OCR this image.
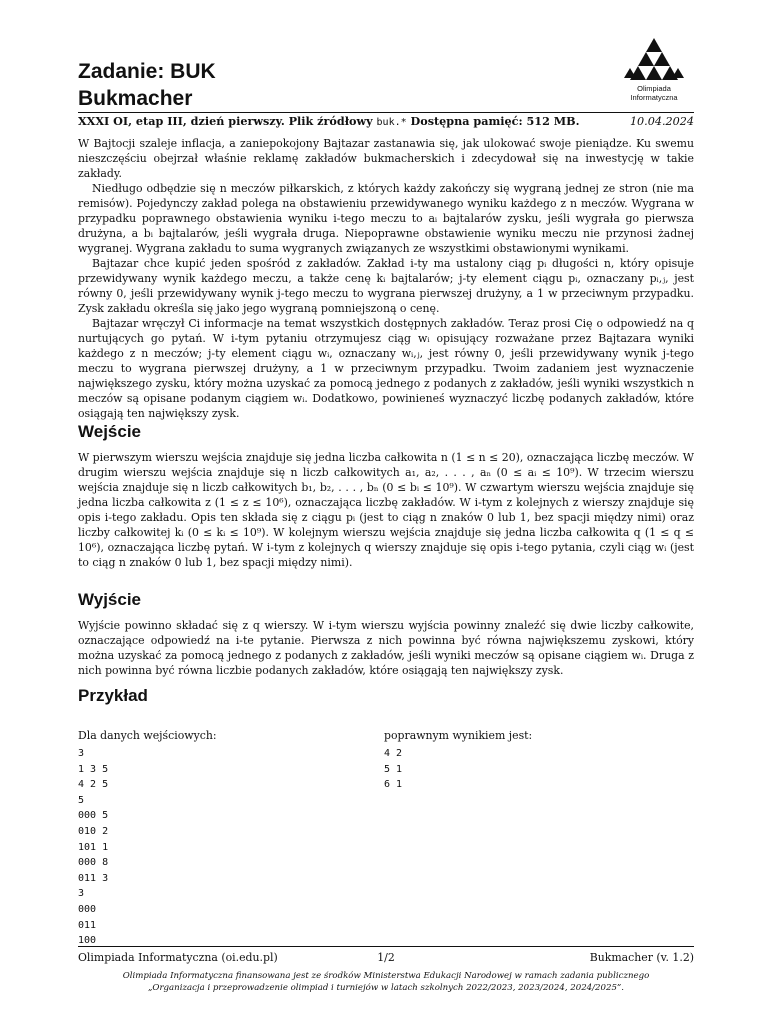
Zadanie: BUK
Bukmacher	Olimpiada
Informatyczna
XXXI OI, etap III, dzień pierwszy. Plik źródłowy buk.* Dostępna pamięć: 512 MB.	10.04.2024

W Bajtocji szaleje inflacja, a zaniepokojony Bajtazar zastanawia się, jak ulokować swoje pieniądze. Ku swemu nieszczęściu obejrzał właśnie reklamę zakładów bukmacherskich i zdecydował się na inwestycję w takie zakłady.

Niedługo odbędzie się n meczów piłkarskich, z których każdy zakończy się wygraną jednej ze stron (nie ma remisów). Pojedynczy zakład polega na obstawieniu przewidywanego wyniku każdego z n meczów. Wygrana w przypadku poprawnego obstawienia wyniku i-tego meczu to aᵢ bajtalarów zysku, jeśli wygrała go pierwsza drużyna, a bᵢ bajtalarów, jeśli wygrała druga. Niepoprawne obstawienie wyniku meczu nie przynosi żadnej wygranej. Wygrana zakładu to suma wygranych związanych ze wszystkimi obstawionymi wynikami.

Bajtazar chce kupić jeden spośród z zakładów. Zakład i-ty ma ustalony ciąg pᵢ długości n, który opisuje przewidywany wynik każdego meczu, a także cenę kᵢ bajtalarów; j-ty element ciągu pᵢ, oznaczany pᵢ,ⱼ, jest równy 0, jeśli przewidywany wynik j-tego meczu to wygrana pierwszej drużyny, a 1 w przeciwnym przypadku. Zysk zakładu określa się jako jego wygraną pomniejszoną o cenę.

Bajtazar wręczył Ci informacje na temat wszystkich dostępnych zakładów. Teraz prosi Cię o odpowiedź na q nurtujących go pytań. W i-tym pytaniu otrzymujesz ciąg wᵢ opisujący rozważane przez Bajtazara wyniki każdego z n meczów; j-ty element ciągu wᵢ, oznaczany wᵢ,ⱼ, jest równy 0, jeśli przewidywany wynik j-tego meczu to wygrana pierwszej drużyny, a 1 w przeciwnym przypadku. Twoim zadaniem jest wyznaczenie największego zysku, który można uzyskać za pomocą jednego z podanych z zakładów, jeśli wyniki wszystkich n meczów są opisane podanym ciągiem wᵢ. Dodatkowo, powinieneś wyznaczyć liczbę podanych zakładów, które osiągają ten największy zysk.

Wejście

W pierwszym wierszu wejścia znajduje się jedna liczba całkowita n (1 ≤ n ≤ 20), oznaczająca liczbę meczów. W drugim wierszu wejścia znajduje się n liczb całkowitych a₁, a₂, . . . , aₙ (0 ≤ aᵢ ≤ 10⁹). W trzecim wierszu wejścia znajduje się n liczb całkowitych b₁, b₂, . . . , bₙ (0 ≤ bᵢ ≤ 10⁹). W czwartym wierszu wejścia znajduje się jedna liczba całkowita z (1 ≤ z ≤ 10⁶), oznaczająca liczbę zakładów. W i-tym z kolejnych z wierszy znajduje się opis i-tego zakładu. Opis ten składa się z ciągu pᵢ (jest to ciąg n znaków 0 lub 1, bez spacji między nimi) oraz liczby całkowitej kᵢ (0 ≤ kᵢ ≤ 10⁹). W kolejnym wierszu wejścia znajduje się jedna liczba całkowita q (1 ≤ q ≤ 10⁶), oznaczająca liczbę pytań. W i-tym z kolejnych q wierszy znajduje się opis i-tego pytania, czyli ciąg wᵢ (jest to ciąg n znaków 0 lub 1, bez spacji między nimi).

Wyjście

Wyjście powinno składać się z q wierszy. W i-tym wierszu wyjścia powinny znaleźć się dwie liczby całkowite, oznaczające odpowiedź na i-te pytanie. Pierwsza z nich powinna być równa największemu zyskowi, który można uzyskać za pomocą jednego z podanych z zakładów, jeśli wyniki meczów są opisane ciągiem wᵢ. Druga z nich powinna być równa liczbie podanych zakładów, które osiągają ten największy zysk.

Przykład
Dla danych wejściowych:	poprawnym wynikiem jest:
3
1 3 5
4 2 5
5
000 5
010 2
101 1
000 8
011 3
3
000
011
100
4 2
5 1
6 1
Olimpiada Informatyczna (oi.edu.pl)	1/2	Bukmacher (v. 1.2)
Olimpiada Informatyczna finansowana jest ze środków Ministerstwa Edukacji Narodowej w ramach zadania publicznego
„Organizacja i przeprowadzenie olimpiad i turniejów w latach szkolnych 2022/2023, 2023/2024, 2024/2025”.
